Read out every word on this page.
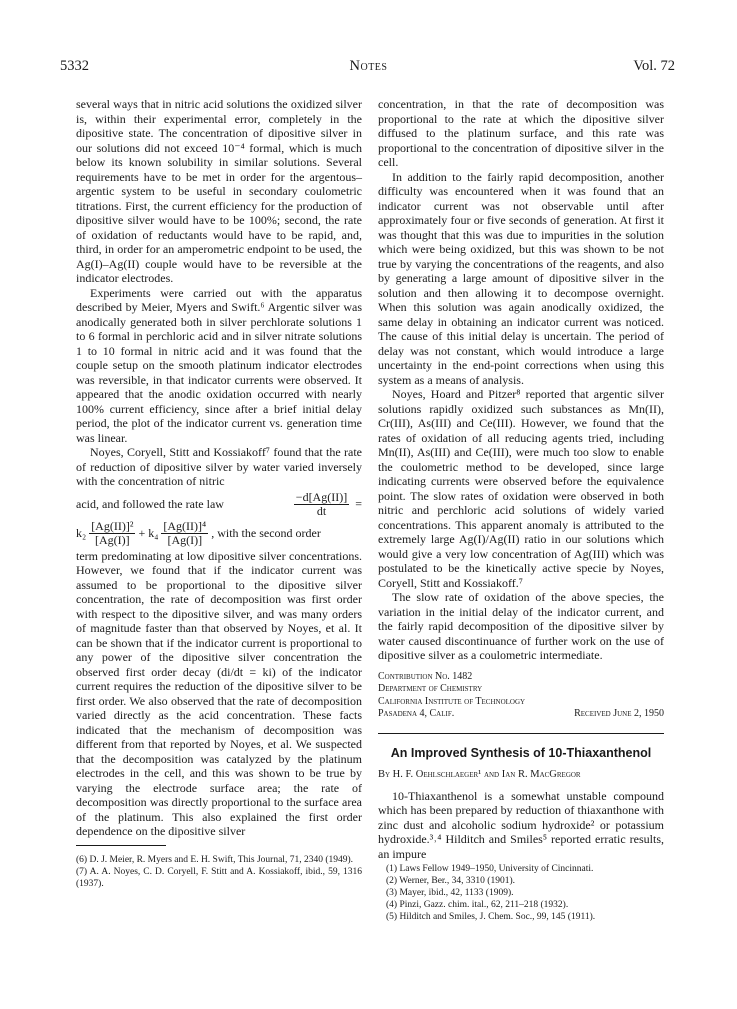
5332	Notes	Vol. 72

several ways that in nitric acid solutions the oxidized silver is, within their experimental error, completely in the dipositive state. The concentration of dipositive silver in our solutions did not exceed 10⁻⁴ formal, which is much below its known solubility in similar solutions. Several requirements have to be met in order for the argentous–argentic system to be useful in secondary coulometric titrations. First, the current efficiency for the production of dipositive silver would have to be 100%; second, the rate of oxidation of reductants would have to be rapid, and, third, in order for an amperometric endpoint to be used, the Ag(I)–Ag(II) couple would have to be reversible at the indicator electrodes.

Experiments were carried out with the apparatus described by Meier, Myers and Swift.⁶ Argentic silver was anodically generated both in silver perchlorate solutions 1 to 6 formal in perchloric acid and in silver nitrate solutions 1 to 10 formal in nitric acid and it was found that the couple setup on the smooth platinum indicator electrodes was reversible, in that indicator currents were observed. It appeared that the anodic oxidation occurred with nearly 100% current efficiency, since after a brief initial delay period, the plot of the indicator current vs. generation time was linear.

Noyes, Coryell, Stitt and Kossiakoff⁷ found that the rate of reduction of dipositive silver by water varied inversely with the concentration of nitric

acid, and followed the rate law	$\frac{-d[Ag(II)]}{dt}$ =
$k_2 \frac{\text{[Ag(II)]²}}{[Ag(I)]} + k_4 \frac{\text{[Ag(II)]⁴}}{[Ag(I)]}$ , with the second order

term predominating at low dipositive silver concentrations. However, we found that if the indicator current was assumed to be proportional to the dipositive silver concentration, the rate of decomposition was first order with respect to the dipositive silver, and was many orders of magnitude faster than that observed by Noyes, et al. It can be shown that if the indicator current is proportional to any power of the dipositive silver concentration the observed first order decay (di/dt = ki) of the indicator current requires the reduction of the dipositive silver to be first order. We also observed that the rate of decomposition varied directly as the acid concentration. These facts indicated that the mechanism of decomposition was different from that reported by Noyes, et al. We suspected that the decomposition was catalyzed by the platinum electrodes in the cell, and this was shown to be true by varying the electrode surface area; the rate of decomposition was directly proportional to the surface area of the platinum. This also explained the first order dependence on the dipositive silver

(6) D. J. Meier, R. Myers and E. H. Swift, This Journal, 71, 2340 (1949).
(7) A. A. Noyes, C. D. Coryell, F. Stitt and A. Kossiakoff, ibid., 59, 1316 (1937).

concentration, in that the rate of decomposition was proportional to the rate at which the dipositive silver diffused to the platinum surface, and this rate was proportional to the concentration of dipositive silver in the cell.

In addition to the fairly rapid decomposition, another difficulty was encountered when it was found that an indicator current was not observable until after approximately four or five seconds of generation. At first it was thought that this was due to impurities in the solution which were being oxidized, but this was shown to be not true by varying the concentrations of the reagents, and also by generating a large amount of dipositive silver in the solution and then allowing it to decompose overnight. When this solution was again anodically oxidized, the same delay in obtaining an indicator current was noticed. The cause of this initial delay is uncertain. The period of delay was not constant, which would introduce a large uncertainty in the end-point corrections when using this system as a means of analysis.

Noyes, Hoard and Pitzer⁸ reported that argentic silver solutions rapidly oxidized such substances as Mn(II), Cr(III), As(III) and Ce(III). However, we found that the rates of oxidation of all reducing agents tried, including Mn(II), As(III) and Ce(III), were much too slow to enable the coulometric method to be developed, since large indicating currents were observed before the equivalence point. The slow rates of oxidation were observed in both nitric and perchloric acid solutions of widely varied concentrations. This apparent anomaly is attributed to the extremely large Ag(I)/Ag(II) ratio in our solutions which would give a very low concentration of Ag(III) which was postulated to be the kinetically active specie by Noyes, Coryell, Stitt and Kossiakoff.⁷

The slow rate of oxidation of the above species, the variation in the initial delay of the indicator current, and the fairly rapid decomposition of the dipositive silver by water caused discontinuance of further work on the use of dipositive silver as a coulometric intermediate.

Contribution No. 1482
Department of Chemistry
California Institute of Technology
Pasadena 4, Calif.	Received June 2, 1950
An Improved Synthesis of 10-Thiaxanthenol
By H. F. Oehlschlaeger¹ and Ian R. MacGregor

10-Thiaxanthenol is a somewhat unstable compound which has been prepared by reduction of thiaxanthone with zinc dust and alcoholic sodium hydroxide² or potassium hydroxide.³˒⁴ Hilditch and Smiles⁵ reported erratic results, an impure

(1) Laws Fellow 1949–1950, University of Cincinnati.
(2) Werner, Ber., 34, 3310 (1901).
(3) Mayer, ibid., 42, 1133 (1909).
(4) Pinzi, Gazz. chim. ital., 62, 211–218 (1932).
(5) Hilditch and Smiles, J. Chem. Soc., 99, 145 (1911).
